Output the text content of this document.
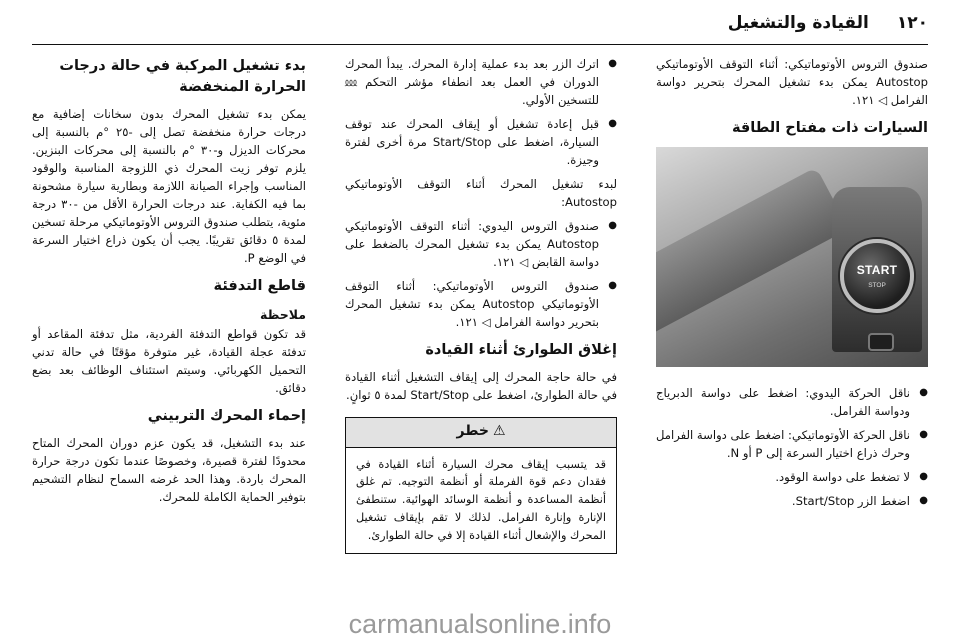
١٢٠
القيادة والتشغيل

صندوق التروس الأوتوماتيكي: أثناء التوقف الأوتوماتيكي Autostop يمكن بدء تشغيل المحرك بتحرير دواسة الفرامل ◁ ١٢١.

السيارات ذات مفتاح الطاقة
START
STOP
● ناقل الحركة اليدوي: اضغط على دواسة الدبرياج ودواسة الفرامل.
● ناقل الحركة الأوتوماتيكي: اضغط على دواسة الفرامل وحرك ذراع اختيار السرعة إلى P أو N.
● لا تضغط على دواسة الوقود.
● اضغط الزر Start/Stop.
● اترك الزر بعد بدء عملية إدارة المحرك. يبدأ المحرك الدوران في العمل بعد انطفاء مؤشر التحكم ⅏ للتسخين الأولي.
● قبل إعادة تشغيل أو إيقاف المحرك عند توقف السيارة، اضغط على Start/Stop مرة أخرى لفترة وجيزة.

لبدء تشغيل المحرك أثناء التوقف الأوتوماتيكي Autostop:

● صندوق التروس اليدوي: أثناء التوقف الأوتوماتيكي Autostop يمكن بدء تشغيل المحرك بالضغط على دواسة القابض ◁ ١٢١.
● صندوق التروس الأوتوماتيكي: أثناء التوقف الأوتوماتيكي Autostop يمكن بدء تشغيل المحرك بتحرير دواسة الفرامل ◁ ١٢١.
إغلاق الطوارئ أثناء القيادة

في حالة حاجة المحرك إلى إيقاف التشغيل أثناء القيادة في حالة الطوارئ، اضغط على Start/Stop لمدة ٥ ثوانٍ.

⚠
خطر
قد يتسبب إيقاف محرك السيارة أثناء القيادة في فقدان دعم قوة الفرملة أو أنظمة التوجيه. تم غلق أنظمة المساعدة و أنظمة الوسائد الهوائية. ستنطفئ الإنارة وإنارة الفرامل. لذلك لا تقم بإيقاف تشغيل المحرك والإشعال أثناء القيادة إلا في حالة الطوارئ.
بدء تشغيل المركبة في حالة درجات الحرارة المنخفضة

يمكن بدء تشغيل المحرك بدون سخانات إضافية مع درجات حرارة منخفضة تصل إلى -٢٥ °م بالنسبة إلى محركات الديزل و-٣٠ °م بالنسبة إلى محركات البنزين. يلزم توفر زيت المحرك ذي اللزوجة المناسبة والوقود المناسب وإجراء الصيانة اللازمة وبطارية سيارة مشحونة بما فيه الكفاية. عند درجات الحرارة الأقل من -٣٠ درجة مئوية، يتطلب صندوق التروس الأوتوماتيكي مرحلة تسخين لمدة ٥ دقائق تقريبًا. يجب أن يكون ذراع اختيار السرعة في الوضع P.

قاطع التدفئة
ملاحظة

قد تكون قواطع التدفئة الفردية، مثل تدفئة المقاعد أو تدفئة عجلة القيادة، غير متوفرة مؤقتًا في حالة تدني التحميل الكهربائي. وسيتم استئناف الوظائف بعد بضع دقائق.

إحماء المحرك التربيني

عند بدء التشغيل، قد يكون عزم دوران المحرك المتاح محدودًا لفترة قصيرة، وخصوصًا عندما تكون درجة حرارة المحرك باردة. وهذا الحد غرضه السماح لنظام التشحيم بتوفير الحماية الكاملة للمحرك.

carmanualsonline.info
